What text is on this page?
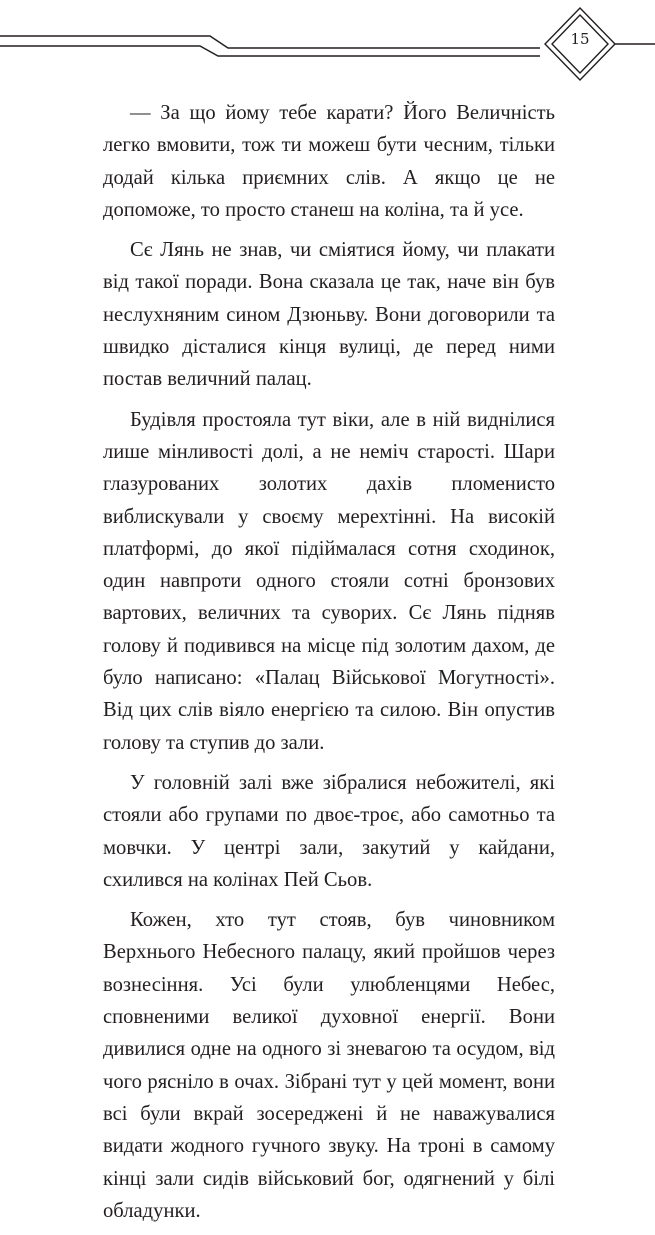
15

— За що йому тебе карати? Його Величність легко вмовити, тож ти можеш бути чесним, тільки додай кілька приємних слів. А якщо це не допоможе, то просто станеш на коліна, та й усе.

Сє Лянь не знав, чи сміятися йому, чи плакати від такої поради. Вона сказала це так, наче він був неслухняним сином Дзюньву. Вони договорили та швидко дісталися кінця вулиці, де перед ними постав величний палац.

Будівля простояла тут віки, але в ній виднілися лише мінливості долі, а не неміч старості. Шари глазурованих золотих дахів пломенисто виблискували у своєму мерехтінні. На високій платформі, до якої підіймалася сотня сходинок, один навпроти одного стояли сотні бронзових вартових, величних та суворих. Сє Лянь підняв голову й подивився на місце під золотим дахом, де було написано: «Палац Військової Могутності». Від цих слів віяло енергією та силою. Він опустив голову та ступив до зали.

У головній залі вже зібралися небожителі, які стояли або групами по двоє-троє, або самотньо та мовчки. У центрі зали, закутий у кайдани, схилився на колінах Пей Сьов.

Кожен, хто тут стояв, був чиновником Верхнього Небесного палацу, який пройшов через вознесіння. Усі були улюбленцями Небес, сповненими великої духовної енергії. Вони дивилися одне на одного зі зневагою та осудом, від чого рясніло в очах. Зібрані тут у цей момент, вони всі були вкрай зосереджені й не наважувалися видати жодного гучного звуку. На троні в самому кінці зали сидів військовий бог, одягнений у білі обладунки.
